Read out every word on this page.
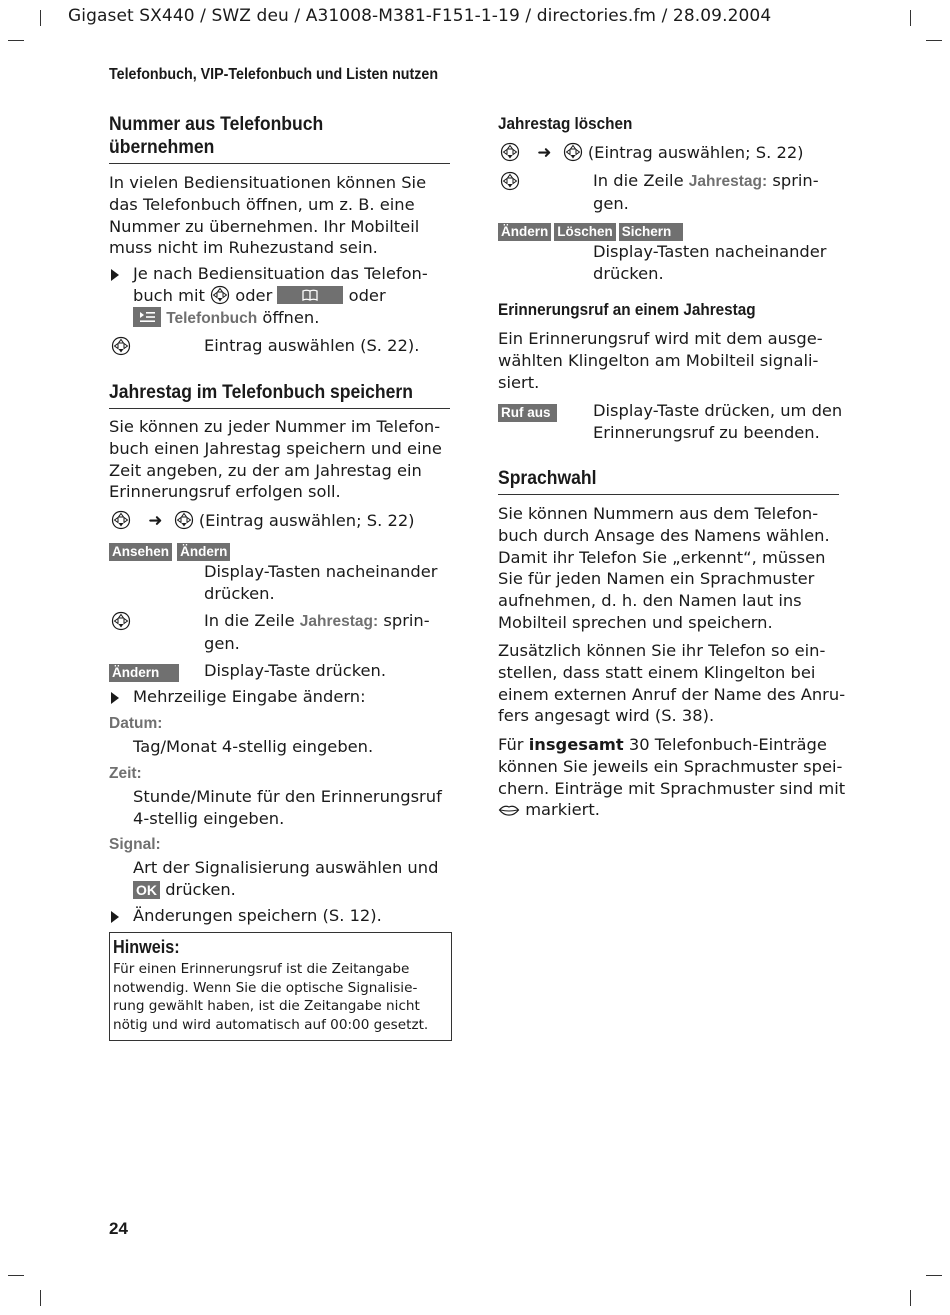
Gigaset SX440 / SWZ deu / A31008-M381-F151-1-19 / directories.fm / 28.09.2004
Telefonbuch, VIP-Telefonbuch und Listen nutzen
Nummer aus Telefonbuch
übernehmen
In vielen Bediensituationen können Sie
das Telefonbuch öffnen, um z. B. eine
Nummer zu übernehmen. Ihr Mobilteil
muss nicht im Ruhezustand sein.
Je nach Bediensituation das Telefon-
buch mit oder	oder
Telefonbuch öffnen.
Eintrag auswählen (S. 22).
Jahrestag im Telefonbuch speichern
Sie können zu jeder Nummer im Telefon-
buch einen Jahrestag speichern und eine
Zeit angeben, zu der am Jahrestag ein
Erinnerungsruf erfolgen soll.
➜ (Eintrag auswählen; S. 22)
Ansehen Ändern
Display-Tasten nacheinander
drücken.
In die Zeile Jahrestag: sprin-
gen.
Ändern	Display-Taste drücken.
Mehrzeilige Eingabe ändern:
Datum:
Tag/Monat 4-stellig eingeben.
Zeit:
Stunde/Minute für den Erinnerungsruf
4-stellig eingeben.
Signal:
Art der Signalisierung auswählen und
OK drücken.
Änderungen speichern (S. 12).
Hinweis:
Für einen Erinnerungsruf ist die Zeitangabe
notwendig. Wenn Sie die optische Signalisie-
rung gewählt haben, ist die Zeitangabe nicht
nötig und wird automatisch auf 00:00 gesetzt.
Jahrestag löschen
➜ (Eintrag auswählen; S. 22)
In die Zeile Jahrestag: sprin-
gen.
Ändern Löschen Sichern
Display-Tasten nacheinander
drücken.
Erinnerungsruf an einem Jahrestag
Ein Erinnerungsruf wird mit dem ausge-
wählten Klingelton am Mobilteil signali-
siert.
Ruf aus	Display-Taste drücken, um den
Erinnerungsruf zu beenden.
Sprachwahl
Sie können Nummern aus dem Telefon-
buch durch Ansage des Namens wählen.
Damit ihr Telefon Sie „erkennt“, müssen
Sie für jeden Namen ein Sprachmuster
aufnehmen, d. h. den Namen laut ins
Mobilteil sprechen und speichern.
Zusätzlich können Sie ihr Telefon so ein-
stellen, dass statt einem Klingelton bei
einem externen Anruf der Name des Anru-
fers angesagt wird (S. 38).
Für insgesamt 30 Telefonbuch-Einträge
können Sie jeweils ein Sprachmuster spei-
chern. Einträge mit Sprachmuster sind mit
markiert.
24
